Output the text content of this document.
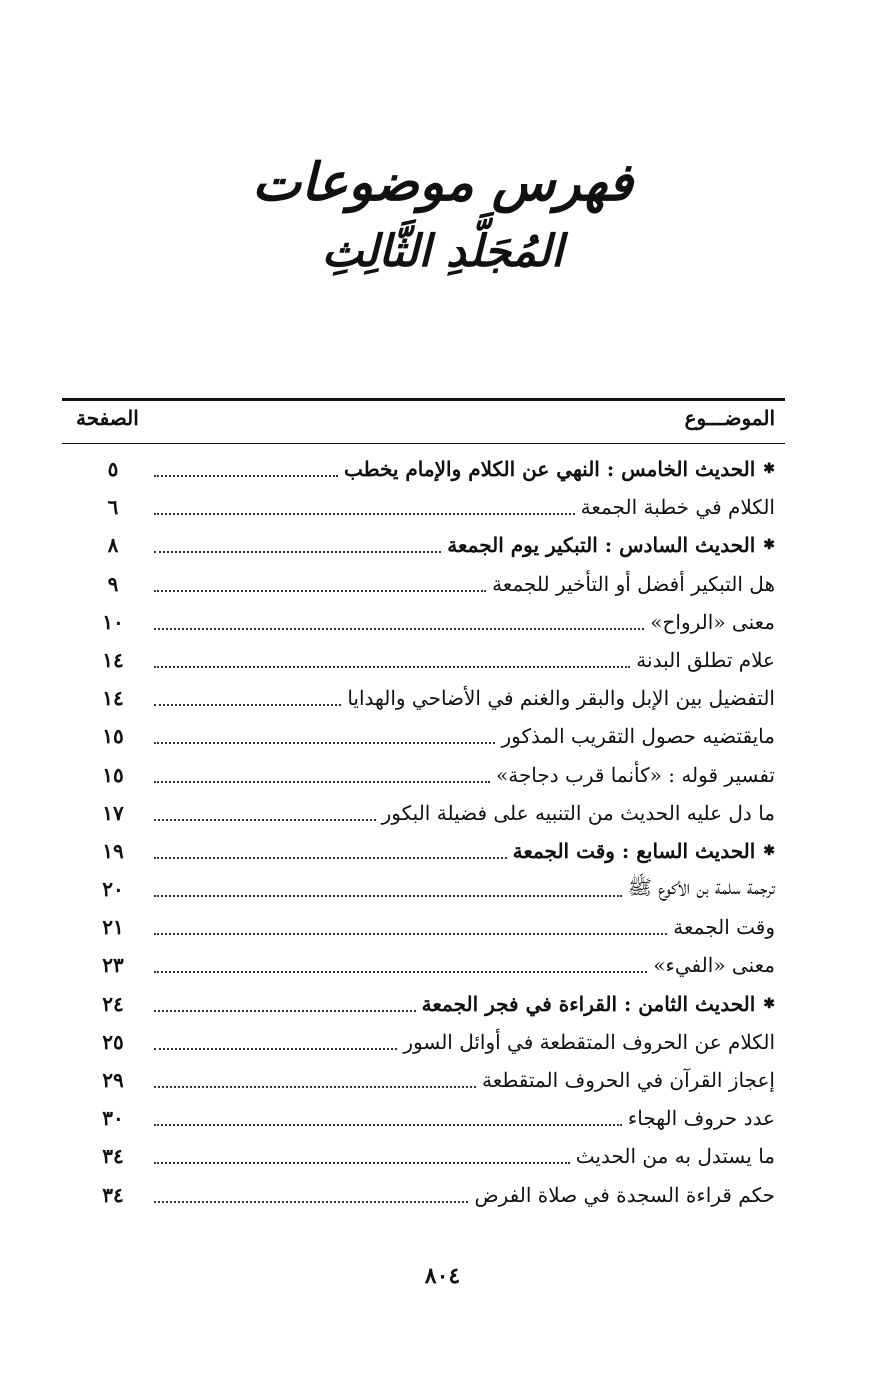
فهرس موضوعات
المُجَلَّدِ الثَّالِثِ
الموضـــوع
الصفحة
✱
الحديث الخامس : النهي عن الكلام والإمام يخطب
٥
الكلام في خطبة الجمعة
٦
✱
الحديث السادس : التبكير يوم الجمعة
٨
هل التبكير أفضل أو التأخير للجمعة
٩
معنى «الرواح»
١٠
علام تطلق البدنة
١٤
التفضيل بين الإبل والبقر والغنم في الأضاحي والهدايا
١٤
مايقتضيه حصول التقريب المذكور
١٥
تفسير قوله : «كأنما قرب دجاجة»
١٥
ما دل عليه الحديث من التنبيه على فضيلة البكور
١٧
✱
الحديث السابع : وقت الجمعة
١٩
ترجمة سلمة بن الأكوع ﷺ
٢٠
وقت الجمعة
٢١
معنى «الفيء»
٢٣
✱
الحديث الثامن : القراءة في فجر الجمعة
٢٤
الكلام عن الحروف المتقطعة في أوائل السور
٢٥
إعجاز القرآن في الحروف المتقطعة
٢٩
عدد حروف الهجاء
٣٠
ما يستدل به من الحديث
٣٤
حكم قراءة السجدة في صلاة الفرض
٣٤
٨٠٤
